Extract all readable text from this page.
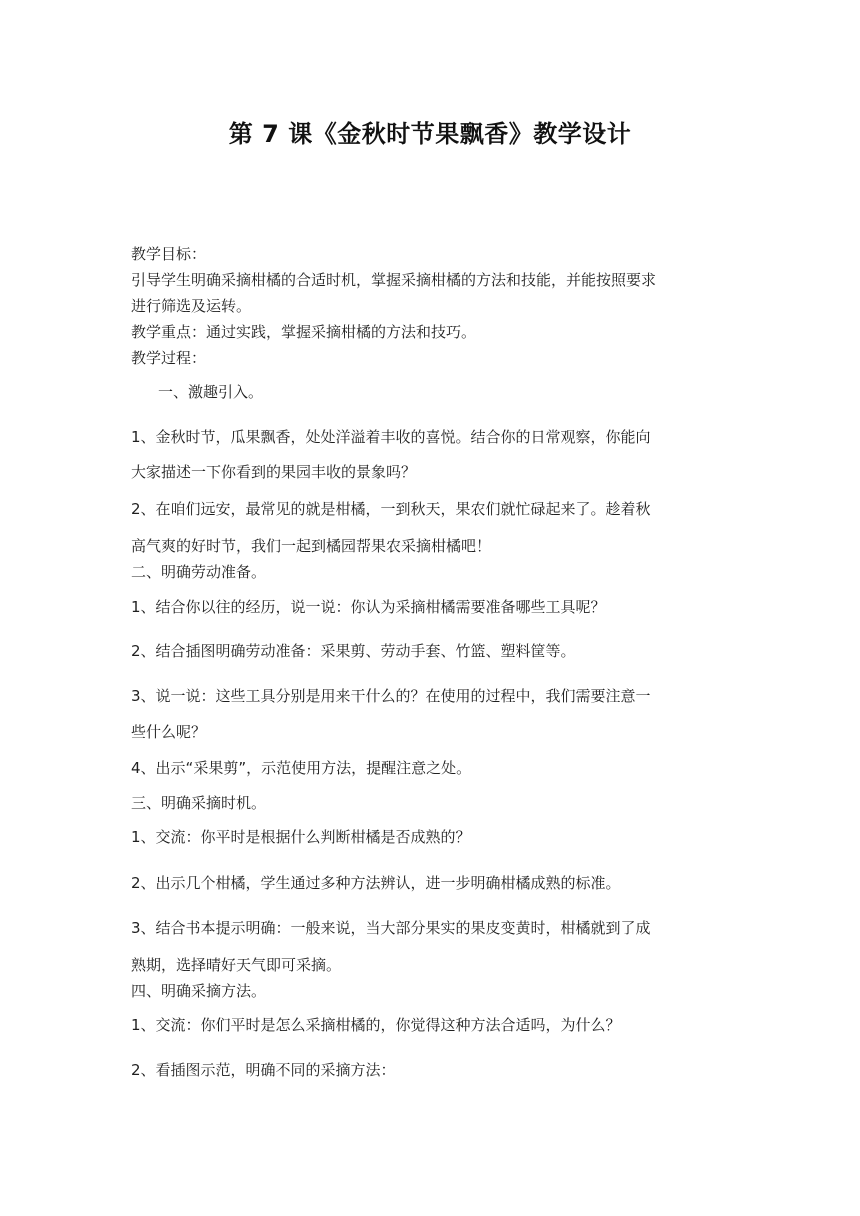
第 7 课《金秋时节果飘香》教学设计
教学目标：
引导学生明确采摘柑橘的合适时机，掌握采摘柑橘的方法和技能，并能按照要求
进行筛选及运转。
教学重点：通过实践，掌握采摘柑橘的方法和技巧。
教学过程：
一、激趣引入。
1、金秋时节，瓜果飘香，处处洋溢着丰收的喜悦。结合你的日常观察，你能向
大家描述一下你看到的果园丰收的景象吗？
2、在咱们远安，最常见的就是柑橘，一到秋天，果农们就忙碌起来了。趁着秋
高气爽的好时节，我们一起到橘园帮果农采摘柑橘吧！
二、明确劳动准备。
1、结合你以往的经历，说一说：你认为采摘柑橘需要准备哪些工具呢？
2、结合插图明确劳动准备：采果剪、劳动手套、竹篮、塑料筐等。
3、说一说：这些工具分别是用来干什么的？在使用的过程中，我们需要注意一
些什么呢？
4、出示“采果剪”，示范使用方法，提醒注意之处。
三、明确采摘时机。
1、交流：你平时是根据什么判断柑橘是否成熟的？
2、出示几个柑橘，学生通过多种方法辨认，进一步明确柑橘成熟的标准。
3、结合书本提示明确：一般来说，当大部分果实的果皮变黄时，柑橘就到了成
熟期，选择晴好天气即可采摘。
四、明确采摘方法。
1、交流：你们平时是怎么采摘柑橘的，你觉得这种方法合适吗，为什么？
2、看插图示范，明确不同的采摘方法：
